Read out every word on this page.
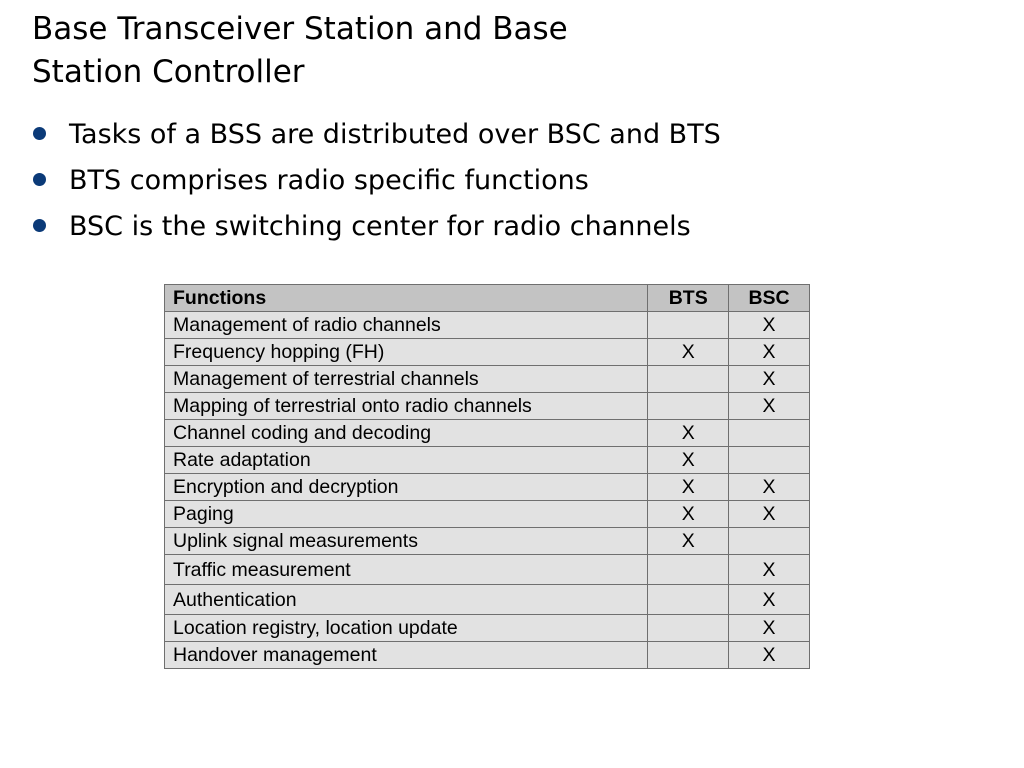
Base Transceiver Station and Base
Station Controller
Tasks of a BSS are distributed over BSC and BTS
BTS comprises radio specific functions
BSC is the switching center for radio channels
Functions	BTS	BSC
Management of radio channels		X
Frequency hopping (FH)	X	X
Management of terrestrial channels		X
Mapping of terrestrial onto radio channels		X
Channel coding and decoding	X	
Rate adaptation	X	
Encryption and decryption	X	X
Paging	X	X
Uplink signal measurements	X	
Traffic measurement		X
Authentication		X
Location registry, location update		X
Handover management		X
